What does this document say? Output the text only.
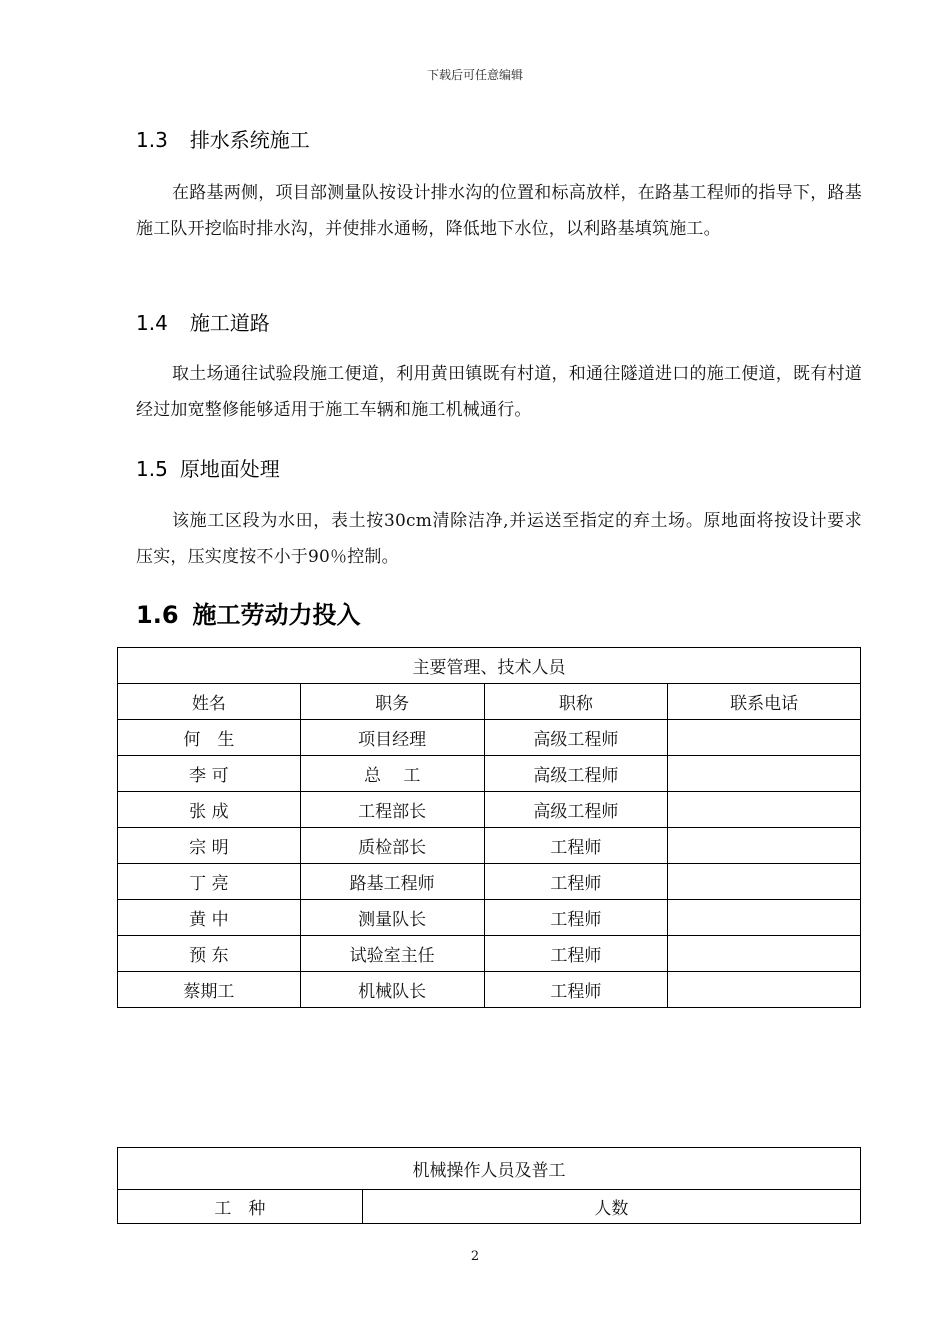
下载后可任意编辑
1.3 排水系统施工
在路基两侧，项目部测量队按设计排水沟的位置和标高放样，在路基工程师的指导下，路基施工队开挖临时排水沟，并使排水通畅，降低地下水位，以利路基填筑施工。
1.4 施工道路
取土场通往试验段施工便道，利用黄田镇既有村道，和通往隧道进口的施工便道，既有村道经过加宽整修能够适用于施工车辆和施工机械通行。
1.5 原地面处理
该施工区段为水田，表土按30cm清除洁净,并运送至指定的弃土场。原地面将按设计要求压实，压实度按不小于90％控制。
1.6 施工劳动力投入
主要管理、技术人员			
姓名	职务	职称	联系电话
何　生	项目经理	高级工程师	
李 可	总　 工	高级工程师	
张 成	工程部长	高级工程师	
宗 明	质检部长	工程师	
丁 亮	路基工程师	工程师	
黄 中	测量队长	工程师	
预 东	试验室主任	工程师	
蔡期工	机械队长	工程师	
机械操作人员及普工
工　种	人数
2
